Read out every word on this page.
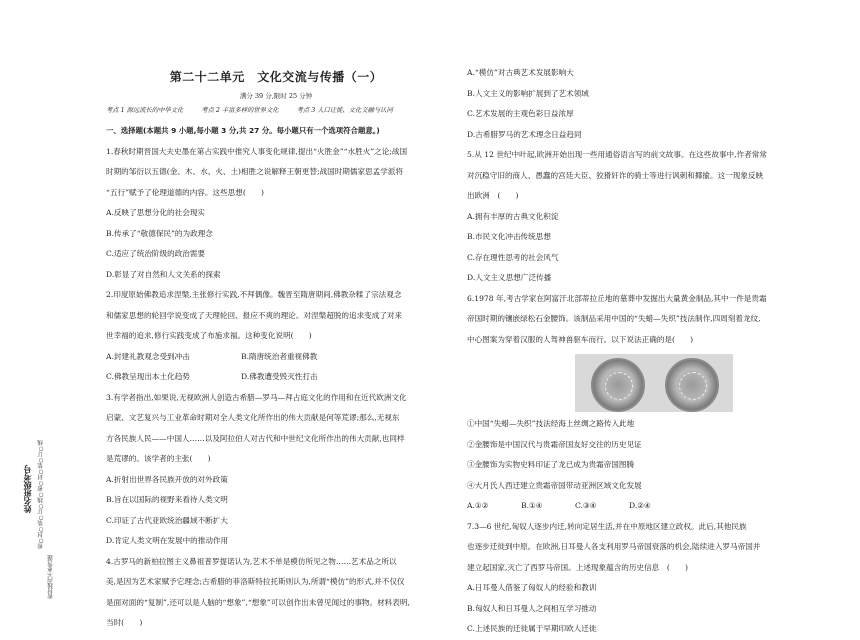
姓名班级考号 密○封○装○订○线○密○封○装○订○线
密封线内不要答题
第二十二单元　文化交流与传播（一）
满分 39 分,限时 25 分钟
考点 1 源远流长的中华文化	考点 2 丰富多样的世界文化	考点 3 人口迁徙、文化交融与认同

一、选择题(本题共 9 小题,每小题 3 分,共 27 分。每小题只有一个选项符合题意。)

1.春秋时期晋国大夫史墨在第占实践中推究人事变化规律,提出“火胜金”“水胜火”之论;战国

时期的邹衍以五德(金、木、水、火、土)相胜之说解释王朝更替;战国时期儒家思孟学派将

“五行”赋予了伦理道德的内容。这些思想(　　)

A.反映了思想分化的社会现实

B.传承了“敬德保民”的为政理念

C.适应了统治阶级的政治需要

D.彰显了对自然和人文关系的探索

2.印度原始佛教追求涅槃,主张修行实践,不拜偶像。魏晋至隋唐期间,佛教杂糅了宗法观念

和儒家思想的轮回学说变成了天理轮回、报应不爽的理论。对涅槃超脱的追求变成了对来

世幸福的追求,修行实践变成了布施求福。这种变化说明(　　)

A.封建礼教观念受到冲击	B.隋唐统治者重视佛教
C.佛教呈现出本土化趋势	D.佛教遭受毁灭性打击

3.有学者指出,如果说,无视欧洲人创造古希腊—罗马—拜占庭文化的作用和在近代欧洲文化

启蒙、文艺复兴与工业革命时期对全人类文化所作出的伟大贡献是何等荒谬;那么,无视东

方各民族人民——中国人……以及阿拉伯人对古代和中世纪文化所作出的伟大贡献,也同样

是荒谬的。该学者的主张(　　)

A.折射出世界各民族开放的对外政策

B.旨在以国际的视野来看待人类文明

C.印证了古代亚欧统治疆域不断扩大

D.肯定人类文明在发展中的推动作用

4.古罗马的新柏拉图主义鼻祖普罗提诺认为,艺术不单是模仿所见之物……艺术品之所以

美,是因为艺术家赋予它理念;古希腊的菲洛斯特拉托斯则认为,所谓“模仿”的形式,并不仅仅

是面对面的“复制”,还可以是人脑的“想象”,“想象”可以创作出未曾见闻过的事物。材料表明,

当时(　　)

A.“模仿”对古典艺术发展影响大

B.人文主义的影响扩展到了艺术领域

C.艺术发展的主观色彩日益浓厚

D.古希腊罗马的艺术理念日益趋同

5.从 12 世纪中叶起,欧洲开始出现一些用通俗语言写的前文故事。在这些故事中,作者常常

对沉稳守旧的商人、愚蠢的宫廷大臣、狡猾奸诈的骑士等进行讽刺和揶揄。这一现象反映

出欧洲　(　　)

A.拥有丰厚的古典文化积淀

B.市民文化冲击传统思想

C.存在理性思考的社会风气

D.人文主义思想广泛传播

6.1978 年,考古学家在阿富汗北部蒂拉丘地的墓葬中发掘出大量黄金制品,其中一件是贵霜

帝国时期的镶嵌绿松石金腰饰。该制品采用中国的“失蜡—失织”技法制作,四周刻着龙纹,

中心图案为穿着汉服的人驾神兽驱车而行。以下说法正确的是(　　)

①中国“失蜡—失织”技法经海上丝绸之路传入此地

②金腰饰是中国汉代与贵霜帝国友好交往的历史见证

③金腰饰为实物史料印证了龙已成为贵霜帝国图腾

④大月氏人西迁建立贵霜帝国带动亚洲区域文化发展

A.①②	B.①④	C.③④	D.②④

7.3—6 世纪,匈奴人逐步内迁,转向定居生活,并在中原地区建立政权。此后,其他民族

也逐步迁徙到中原。在欧洲,日耳曼人各支利用罗马帝国衰落的机会,陆续进入罗马帝国并

建立起国家,灭亡了西罗马帝国。上述现象蕴含的历史信息　(　　)

A.日耳曼人借鉴了匈奴人的经验和教训

B.匈奴人和日耳曼人之间相互学习推动

C.上述民族的迁徙属于早期印欧人迁徙
